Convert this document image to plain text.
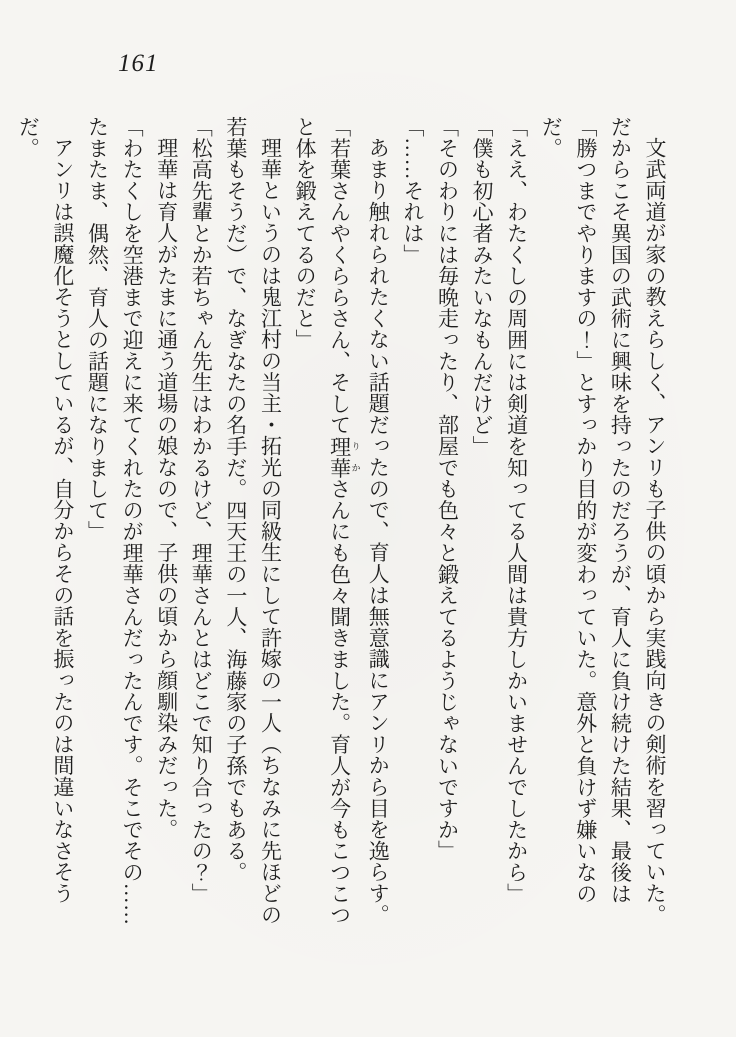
161

文武両道が家の教えらしく、アンリも子供の頃から実践向きの剣術を習っていた。

だからこそ異国の武術に興味を持ったのだろうが、育人に負け続けた結果、最後は

「勝つまでやりますの！」とすっかり目的が変わっていた。意外と負けず嫌いなのだ。

「ええ、わたくしの周囲には剣道を知ってる人間は貴方しかいませんでしたから」

「僕も初心者みたいなもんだけど」

「そのわりには毎晩走ったり、部屋でも色々と鍛えてるようじゃないですか」

「……それは」

あまり触れられたくない話題だったので、育人は無意識にアンリから目を逸らす。

「若葉さんやくららさん、そして理華 りかさんにも色々聞きました。育人が今もこつこつ

と体を鍛えてるのだと」

理華というのは鬼江村の当主・拓光の同級生にして許嫁の一人（ちなみに先ほどの

若葉もそうだ）で、なぎなたの名手だ。四天王の一人、海藤家の子孫でもある。

「松高先輩とか若ちゃん先生はわかるけど、理華さんとはどこで知り合ったの？」

理華は育人がたまに通う道場の娘なので、子供の頃から顔馴染みだった。

「わたくしを空港まで迎えに来てくれたのが理華さんだったんです。そこでその……

たまたま、偶然、育人の話題になりまして」

アンリは誤魔化そうとしているが、自分からその話を振ったのは間違いなさそうだ。
